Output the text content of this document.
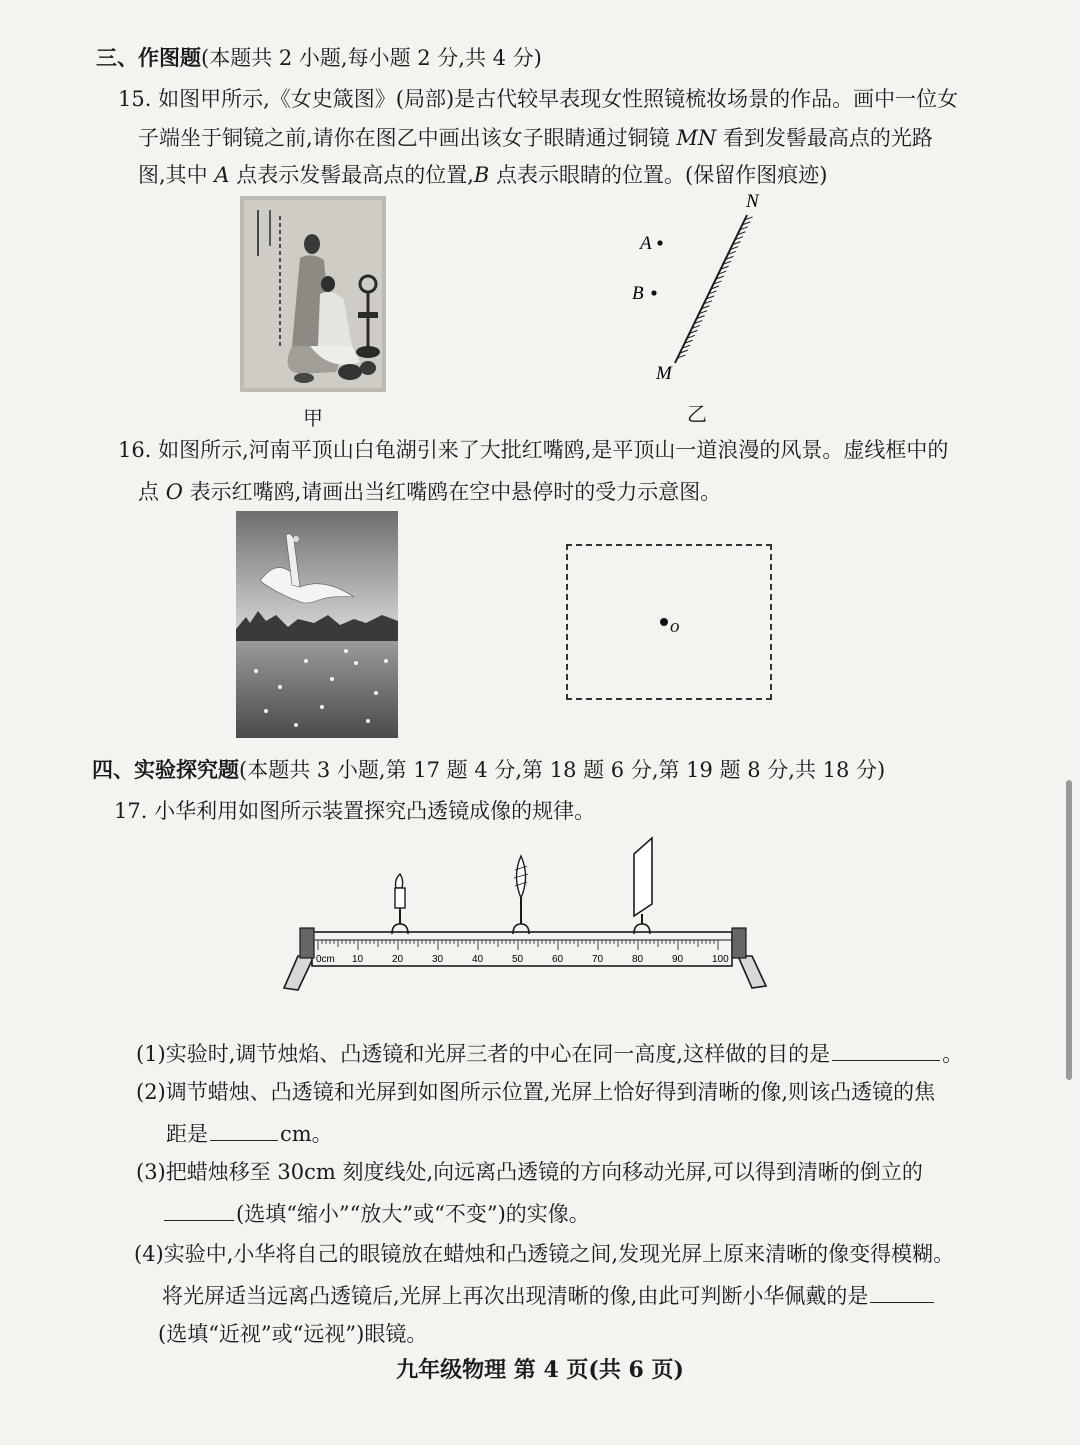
三、作图题(本题共 2 小题,每小题 2 分,共 4 分)
15. 如图甲所示,《女史箴图》(局部)是古代较早表现女性照镜梳妆场景的作品。画中一位女
子端坐于铜镜之前,请你在图乙中画出该女子眼睛通过铜镜 MN 看到发髻最高点的光路
图,其中 A 点表示发髻最高点的位置,B 点表示眼睛的位置。(保留作图痕迹)
甲
N
M
A
B
乙
16. 如图所示,河南平顶山白龟湖引来了大批红嘴鸥,是平顶山一道浪漫的风景。虚线框中的
点 O 表示红嘴鸥,请画出当红嘴鸥在空中悬停时的受力示意图。
o
四、实验探究题(本题共 3 小题,第 17 题 4 分,第 18 题 6 分,第 19 题 8 分,共 18 分)
17. 小华利用如图所示装置探究凸透镜成像的规律。
0cm 10	20	30	40	50	60	70	80	90	100
(1)实验时,调节烛焰、凸透镜和光屏三者的中心在同一高度,这样做的目的是	。
(2)调节蜡烛、凸透镜和光屏到如图所示位置,光屏上恰好得到清晰的像,则该凸透镜的焦
距是	cm。
(3)把蜡烛移至 30cm 刻度线处,向远离凸透镜的方向移动光屏,可以得到清晰的倒立的
(选填“缩小”“放大”或“不变”)的实像。
(4)实验中,小华将自己的眼镜放在蜡烛和凸透镜之间,发现光屏上原来清晰的像变得模糊。
将光屏适当远离凸透镜后,光屏上再次出现清晰的像,由此可判断小华佩戴的是
(选填“近视”或“远视”)眼镜。
九年级物理 第 4 页(共 6 页)
